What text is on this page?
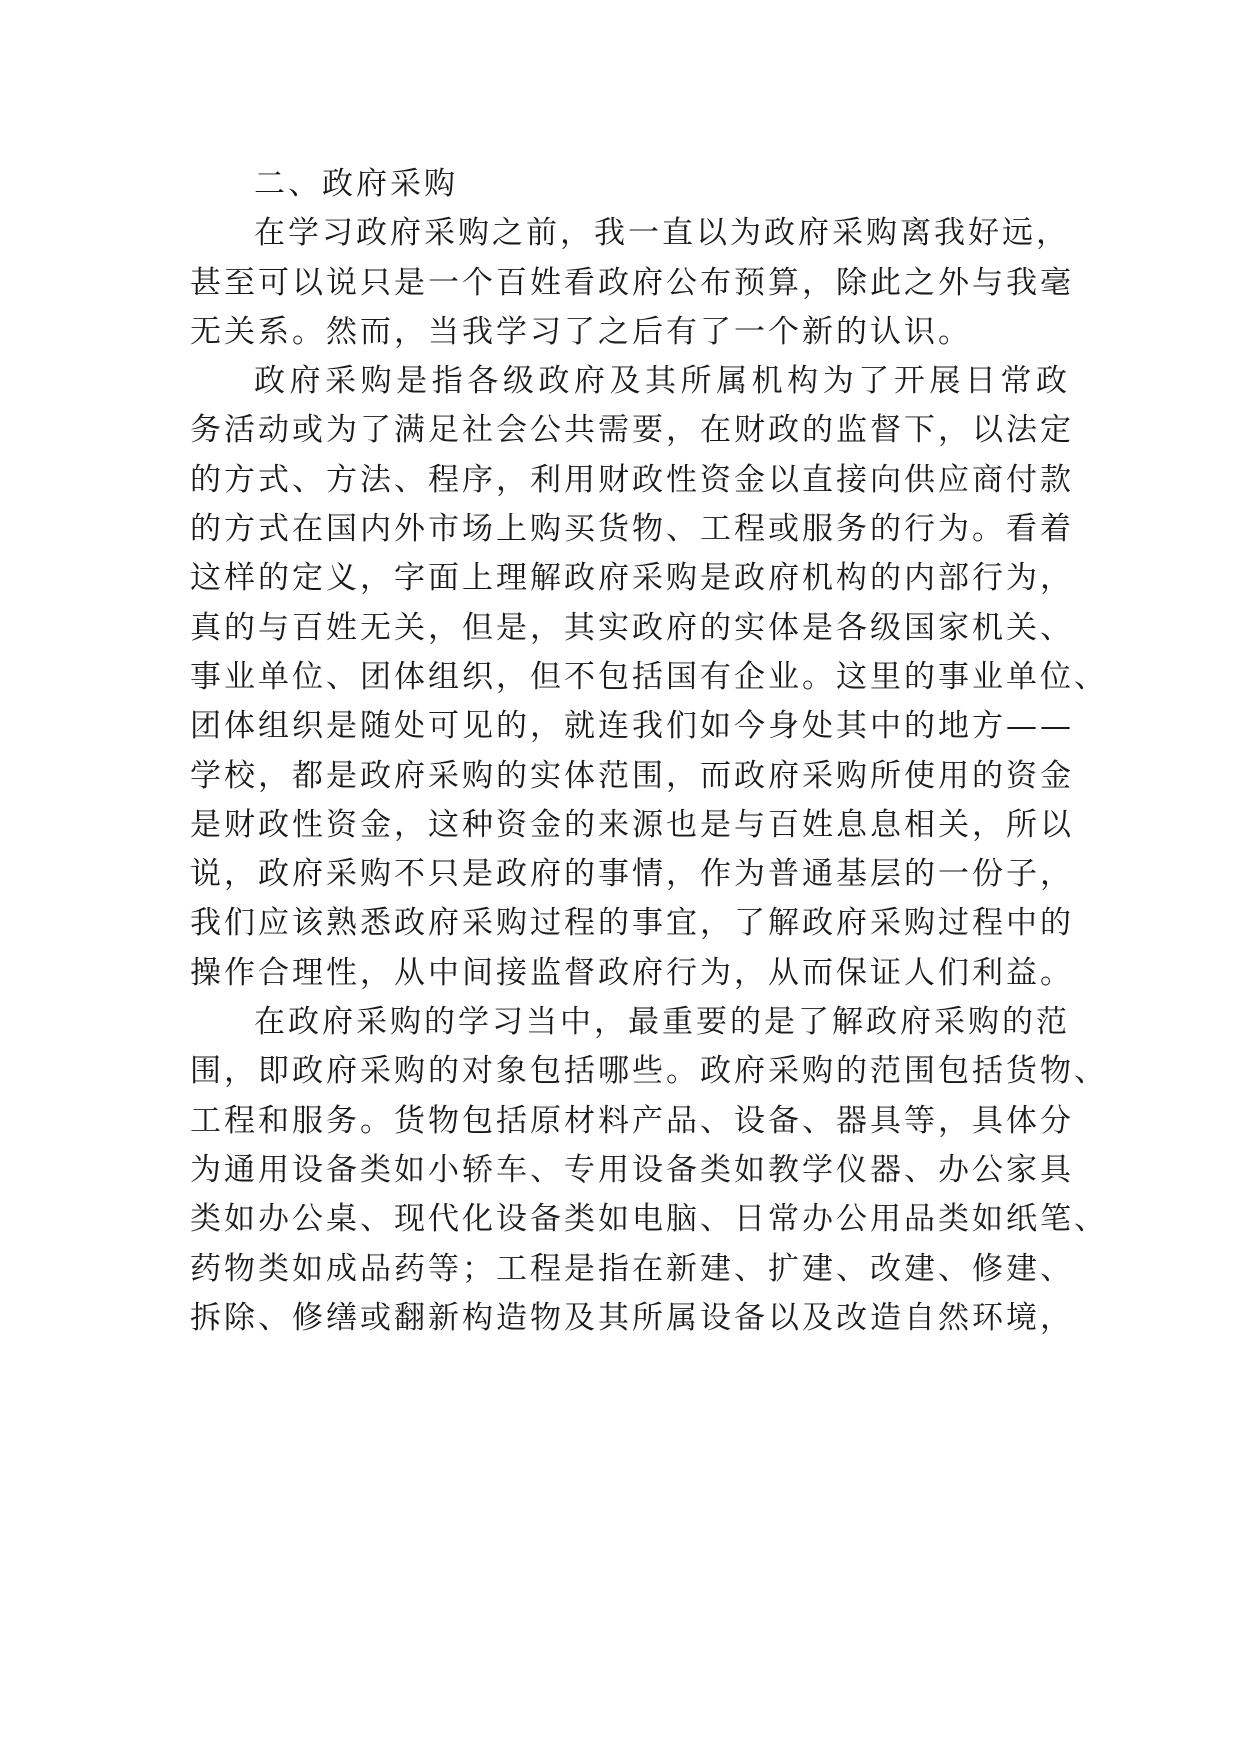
二、政府采购
在学习政府采购之前，我一直以为政府采购离我好远，
甚至可以说只是一个百姓看政府公布预算，除此之外与我毫
无关系。然而，当我学习了之后有了一个新的认识。
政府采购是指各级政府及其所属机构为了开展日常政
务活动或为了满足社会公共需要，在财政的监督下，以法定
的方式、方法、程序，利用财政性资金以直接向供应商付款
的方式在国内外市场上购买货物、工程或服务的行为。看着
这样的定义，字面上理解政府采购是政府机构的内部行为，
真的与百姓无关，但是，其实政府的实体是各级国家机关、
事业单位、团体组织，但不包括国有企业。这里的事业单位、
团体组织是随处可见的，就连我们如今身处其中的地方——
学校，都是政府采购的实体范围，而政府采购所使用的资金
是财政性资金，这种资金的来源也是与百姓息息相关，所以
说，政府采购不只是政府的事情，作为普通基层的一份子，
我们应该熟悉政府采购过程的事宜，了解政府采购过程中的
操作合理性，从中间接监督政府行为，从而保证人们利益。
在政府采购的学习当中，最重要的是了解政府采购的范
围，即政府采购的对象包括哪些。政府采购的范围包括货物、
工程和服务。货物包括原材料产品、设备、器具等，具体分
为通用设备类如小轿车、专用设备类如教学仪器、办公家具
类如办公桌、现代化设备类如电脑、日常办公用品类如纸笔、
药物类如成品药等；工程是指在新建、扩建、改建、修建、
拆除、修缮或翻新构造物及其所属设备以及改造自然环境，
